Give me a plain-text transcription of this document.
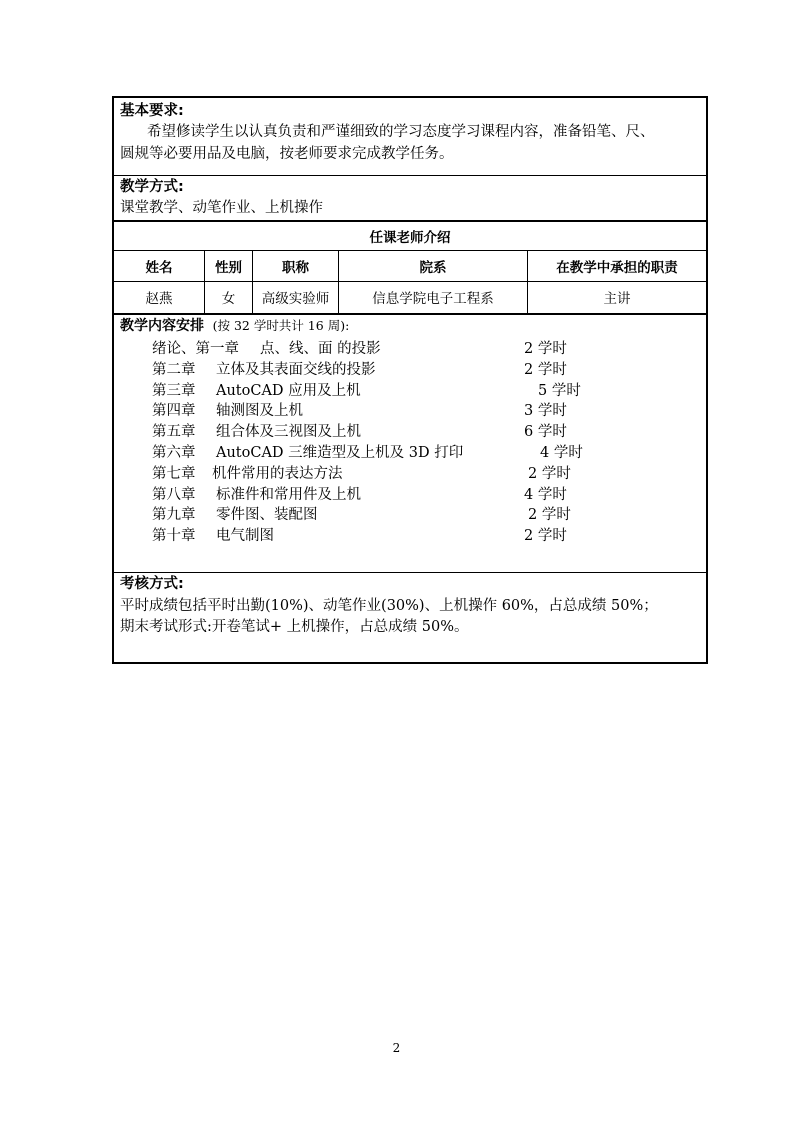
基本要求:
希望修读学生以认真负责和严谨细致的学习态度学习课程内容，准备铅笔、尺、
圆规等必要用品及电脑，按老师要求完成教学任务。
教学方式:
课堂教学、动笔作业、上机操作
任课老师介绍
姓名	性别	职称	院系	在教学中承担的职责
赵燕	女	高级实验师	信息学院电子工程系	主讲
教学内容安排 (按 32 学时共计 16 周):
绪论、第一章 点、线、面 的投影	2 学时
第二章 立体及其表面交线的投影	2 学时
第三章 AutoCAD 应用及上机	5 学时
第四章 轴测图及上机	3 学时
第五章 组合体及三视图及上机	6 学时
第六章 AutoCAD 三维造型及上机及 3D 打印	4 学时
第七章 机件常用的表达方法	2 学时
第八章 标准件和常用件及上机	4 学时
第九章 零件图、装配图	2 学时
第十章 电气制图	2 学时
考核方式:
平时成绩包括平时出勤(10%)、动笔作业(30%)、上机操作 60%，占总成绩 50%；
期末考试形式:开卷笔试+ 上机操作，占总成绩 50%。
2
